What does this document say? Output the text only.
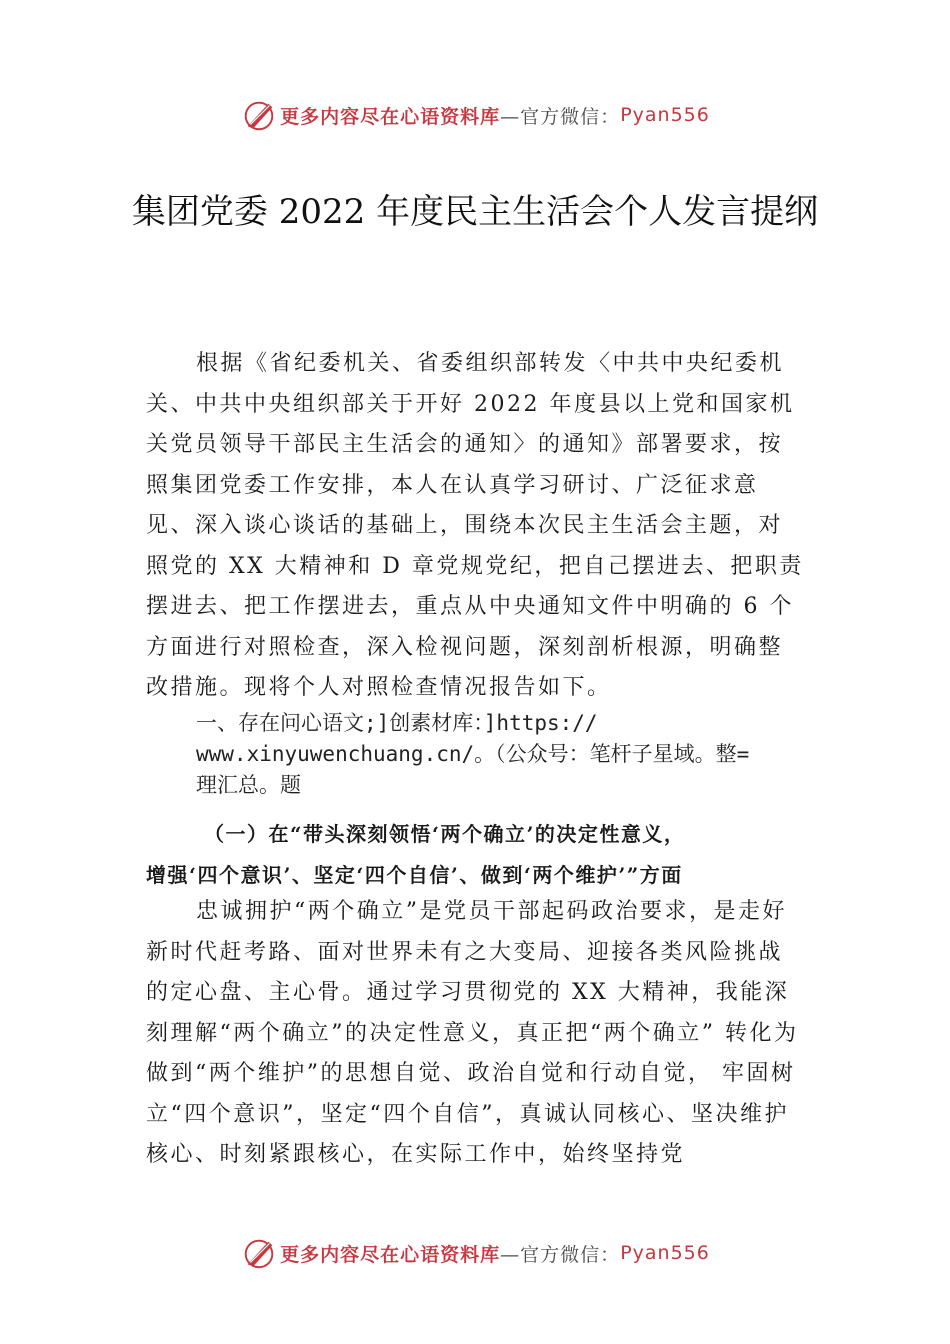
更多内容尽在心语资料库 —官方微信： Pyan556
集团党委 2022 年度民主生活会个人发言提纲
根据《省纪委机关、省委组织部转发〈中共中央纪委机关、中共中央组织部关于开好 2022 年度县以上党和国家机关党员领导干部民主生活会的通知〉的通知》部署要求，按照集团党委工作安排，本人在认真学习研讨、广泛征求意见、深入谈心谈话的基础上，围绕本次民主生活会主题，对照党的 XX 大精神和 D 章党规党纪，把自己摆进去、把职责摆进去、把工作摆进去，重点从中央通知文件中明确的 6 个方面进行对照检查，深入检视问题，深刻剖析根源，明确整改措施。现将个人对照检查情况报告如下。
一、存在问心语文;]创素材库：]https://
www.xinyuwenchuang.cn/。（公众号：笔杆子星域。整=
理汇总。题
（一）在“带头深刻领悟‘两个确立’的决定性意义，
增强‘四个意识’、坚定‘四个自信’、做到‘两个维护’”方面
忠诚拥护“两个确立”是党员干部起码政治要求，是走好新时代赶考路、面对世界未有之大变局、迎接各类风险挑战的定心盘、主心骨。通过学习贯彻党的 XX 大精神，我能深刻理解“两个确立”的决定性意义，真正把“两个确立” 转化为做到“两个维护”的思想自觉、政治自觉和行动自觉， 牢固树立“四个意识”，坚定“四个自信”，真诚认同核心、坚决维护核心、时刻紧跟核心，在实际工作中，始终坚持党
更多内容尽在心语资料库 —官方微信： Pyan556
